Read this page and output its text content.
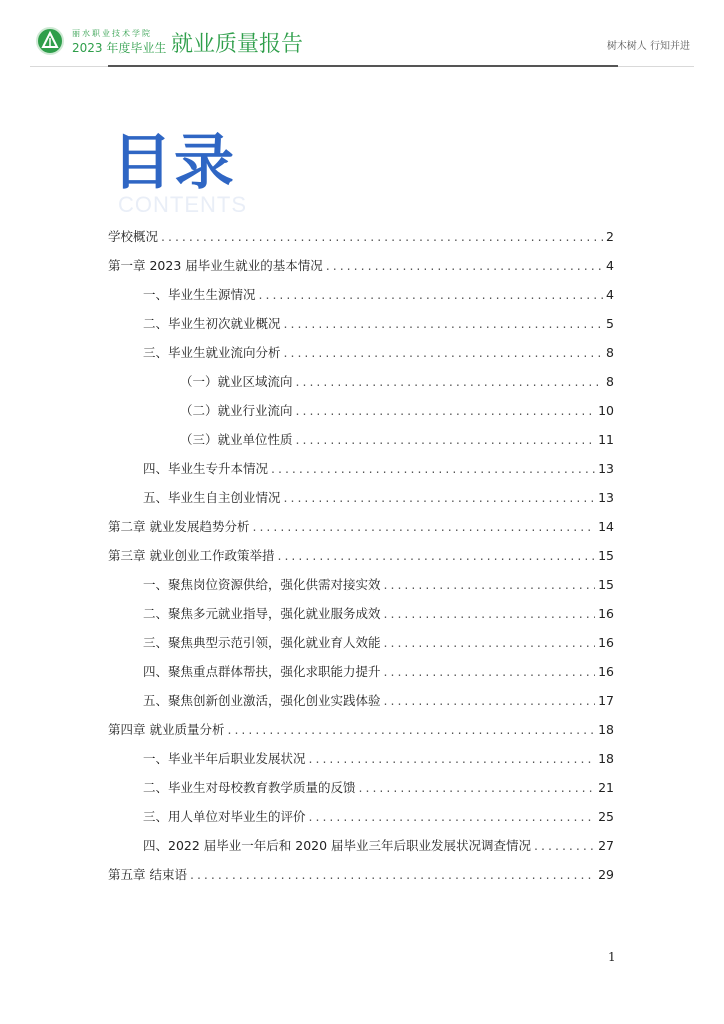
丽水职业技术学院
2023 年度毕业生 就业质量报告	树木树人 行知并进
CONTENTS
目录
学校概况 .....	2
第一章 2023 届毕业生就业的基本情况 .....	4
一、毕业生生源情况 .....	4
二、毕业生初次就业概况 .....	5
三、毕业生就业流向分析 .....	8
（一）就业区域流向 .....	8
（二）就业行业流向 .....	10
（三）就业单位性质 .....	11
四、毕业生专升本情况 .....	13
五、毕业生自主创业情况 .....	13
第二章 就业发展趋势分析 .....	14
第三章 就业创业工作政策举措 .....	15
一、聚焦岗位资源供给，强化供需对接实效 .....	15
二、聚焦多元就业指导，强化就业服务成效 .....	16
三、聚焦典型示范引领，强化就业育人效能 .....	16
四、聚焦重点群体帮扶，强化求职能力提升 .....	16
五、聚焦创新创业激活，强化创业实践体验 .....	17
第四章 就业质量分析 .....	18
一、毕业半年后职业发展状况 .....	18
二、毕业生对母校教育教学质量的反馈 .....	21
三、用人单位对毕业生的评价 .....	25
四、2022 届毕业一年后和 2020 届毕业三年后职业发展状况调查情况 .....	27
第五章 结束语 .....	29
1
